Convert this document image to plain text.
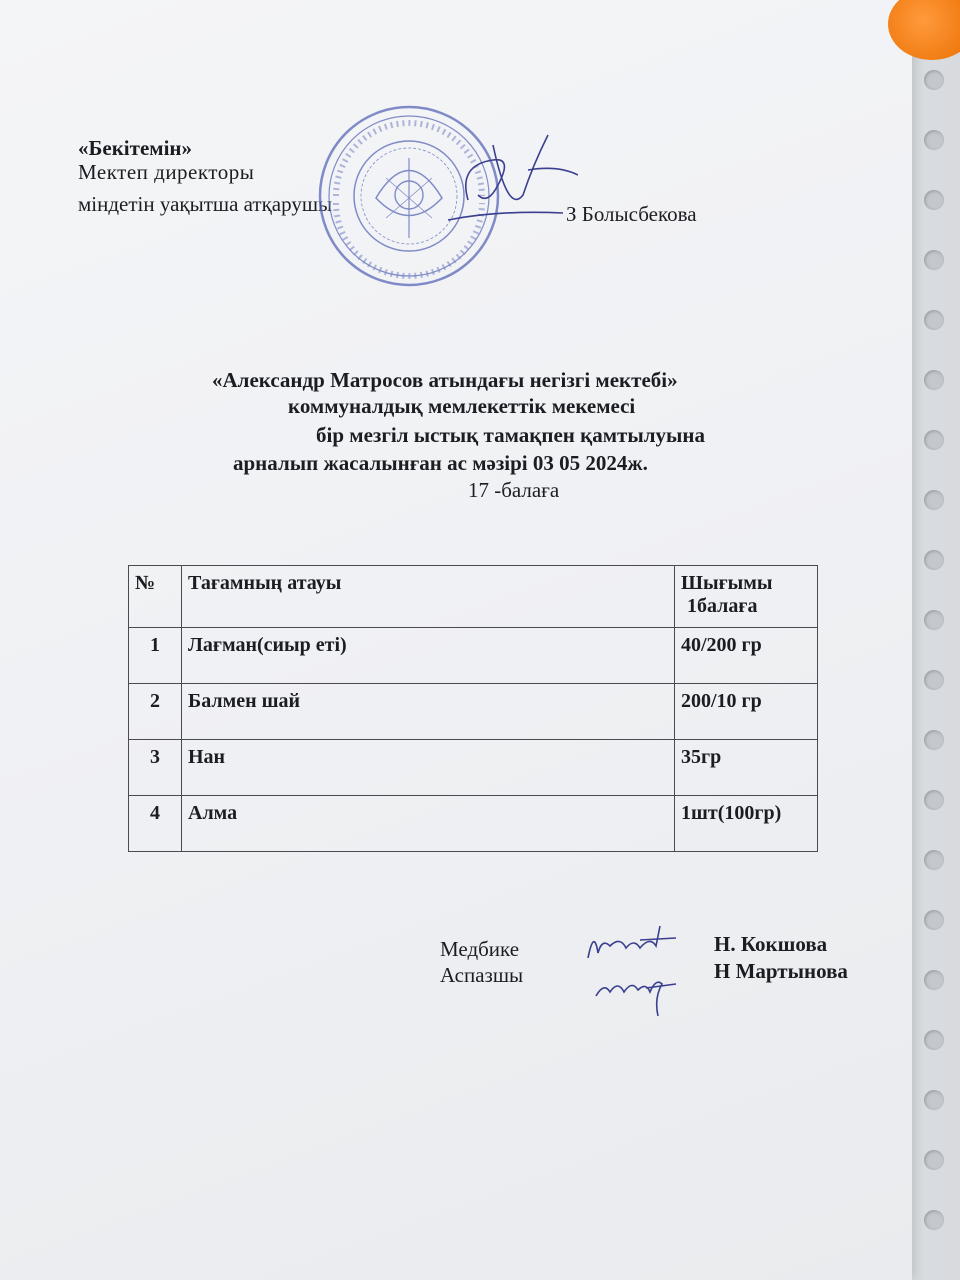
«Бекітемін»
Мектеп директоры
міндетін уақытша атқарушы	З Болысбекова
«Александр Матросов атындағы негізгі мектебі»
коммуналдық мемлекеттік мекемесі
бір мезгіл ыстық тамақпен қамтылуына
арналып жасалынған ас мәзірі 03 05 2024ж.
17 -балаға
№	Тағамның атауы	Шығымы
1балаға

1	Лағман(сиыр еті)	40/200 гр
2	Балмен шай	200/10 гр
3	Нан	35гр
4	Алма	1шт(100гр)
Медбике
Аспазшы
Н. Кокшова
Н Мартынова
